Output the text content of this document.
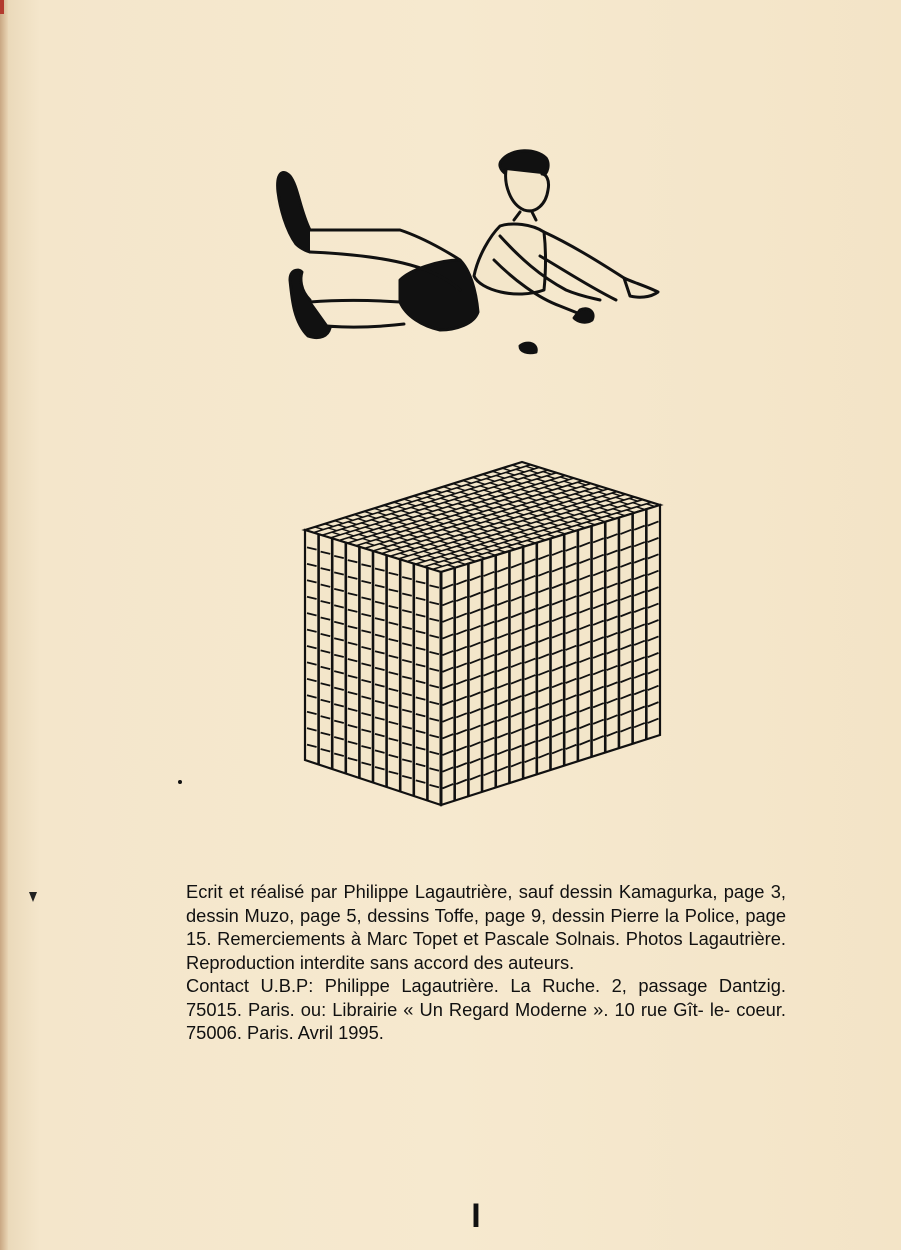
Ecrit et réalisé par Philippe Lagautrière, sauf dessin Kamagurka, page 3, dessin Muzo, page 5, dessins Toffe, page 9, dessin Pierre la Police, page 15. Remerciements à Marc Topet et Pascale Solnais. Photos Lagautrière. Reproduction interdite sans accord des auteurs.

Contact U.B.P: Philippe Lagautrière. La Ruche. 2, passage Dantzig. 75015. Paris. ou: Librairie « Un Regard Moderne ». 10 rue Gît- le- coeur. 75006. Paris. Avril 1995.

I
